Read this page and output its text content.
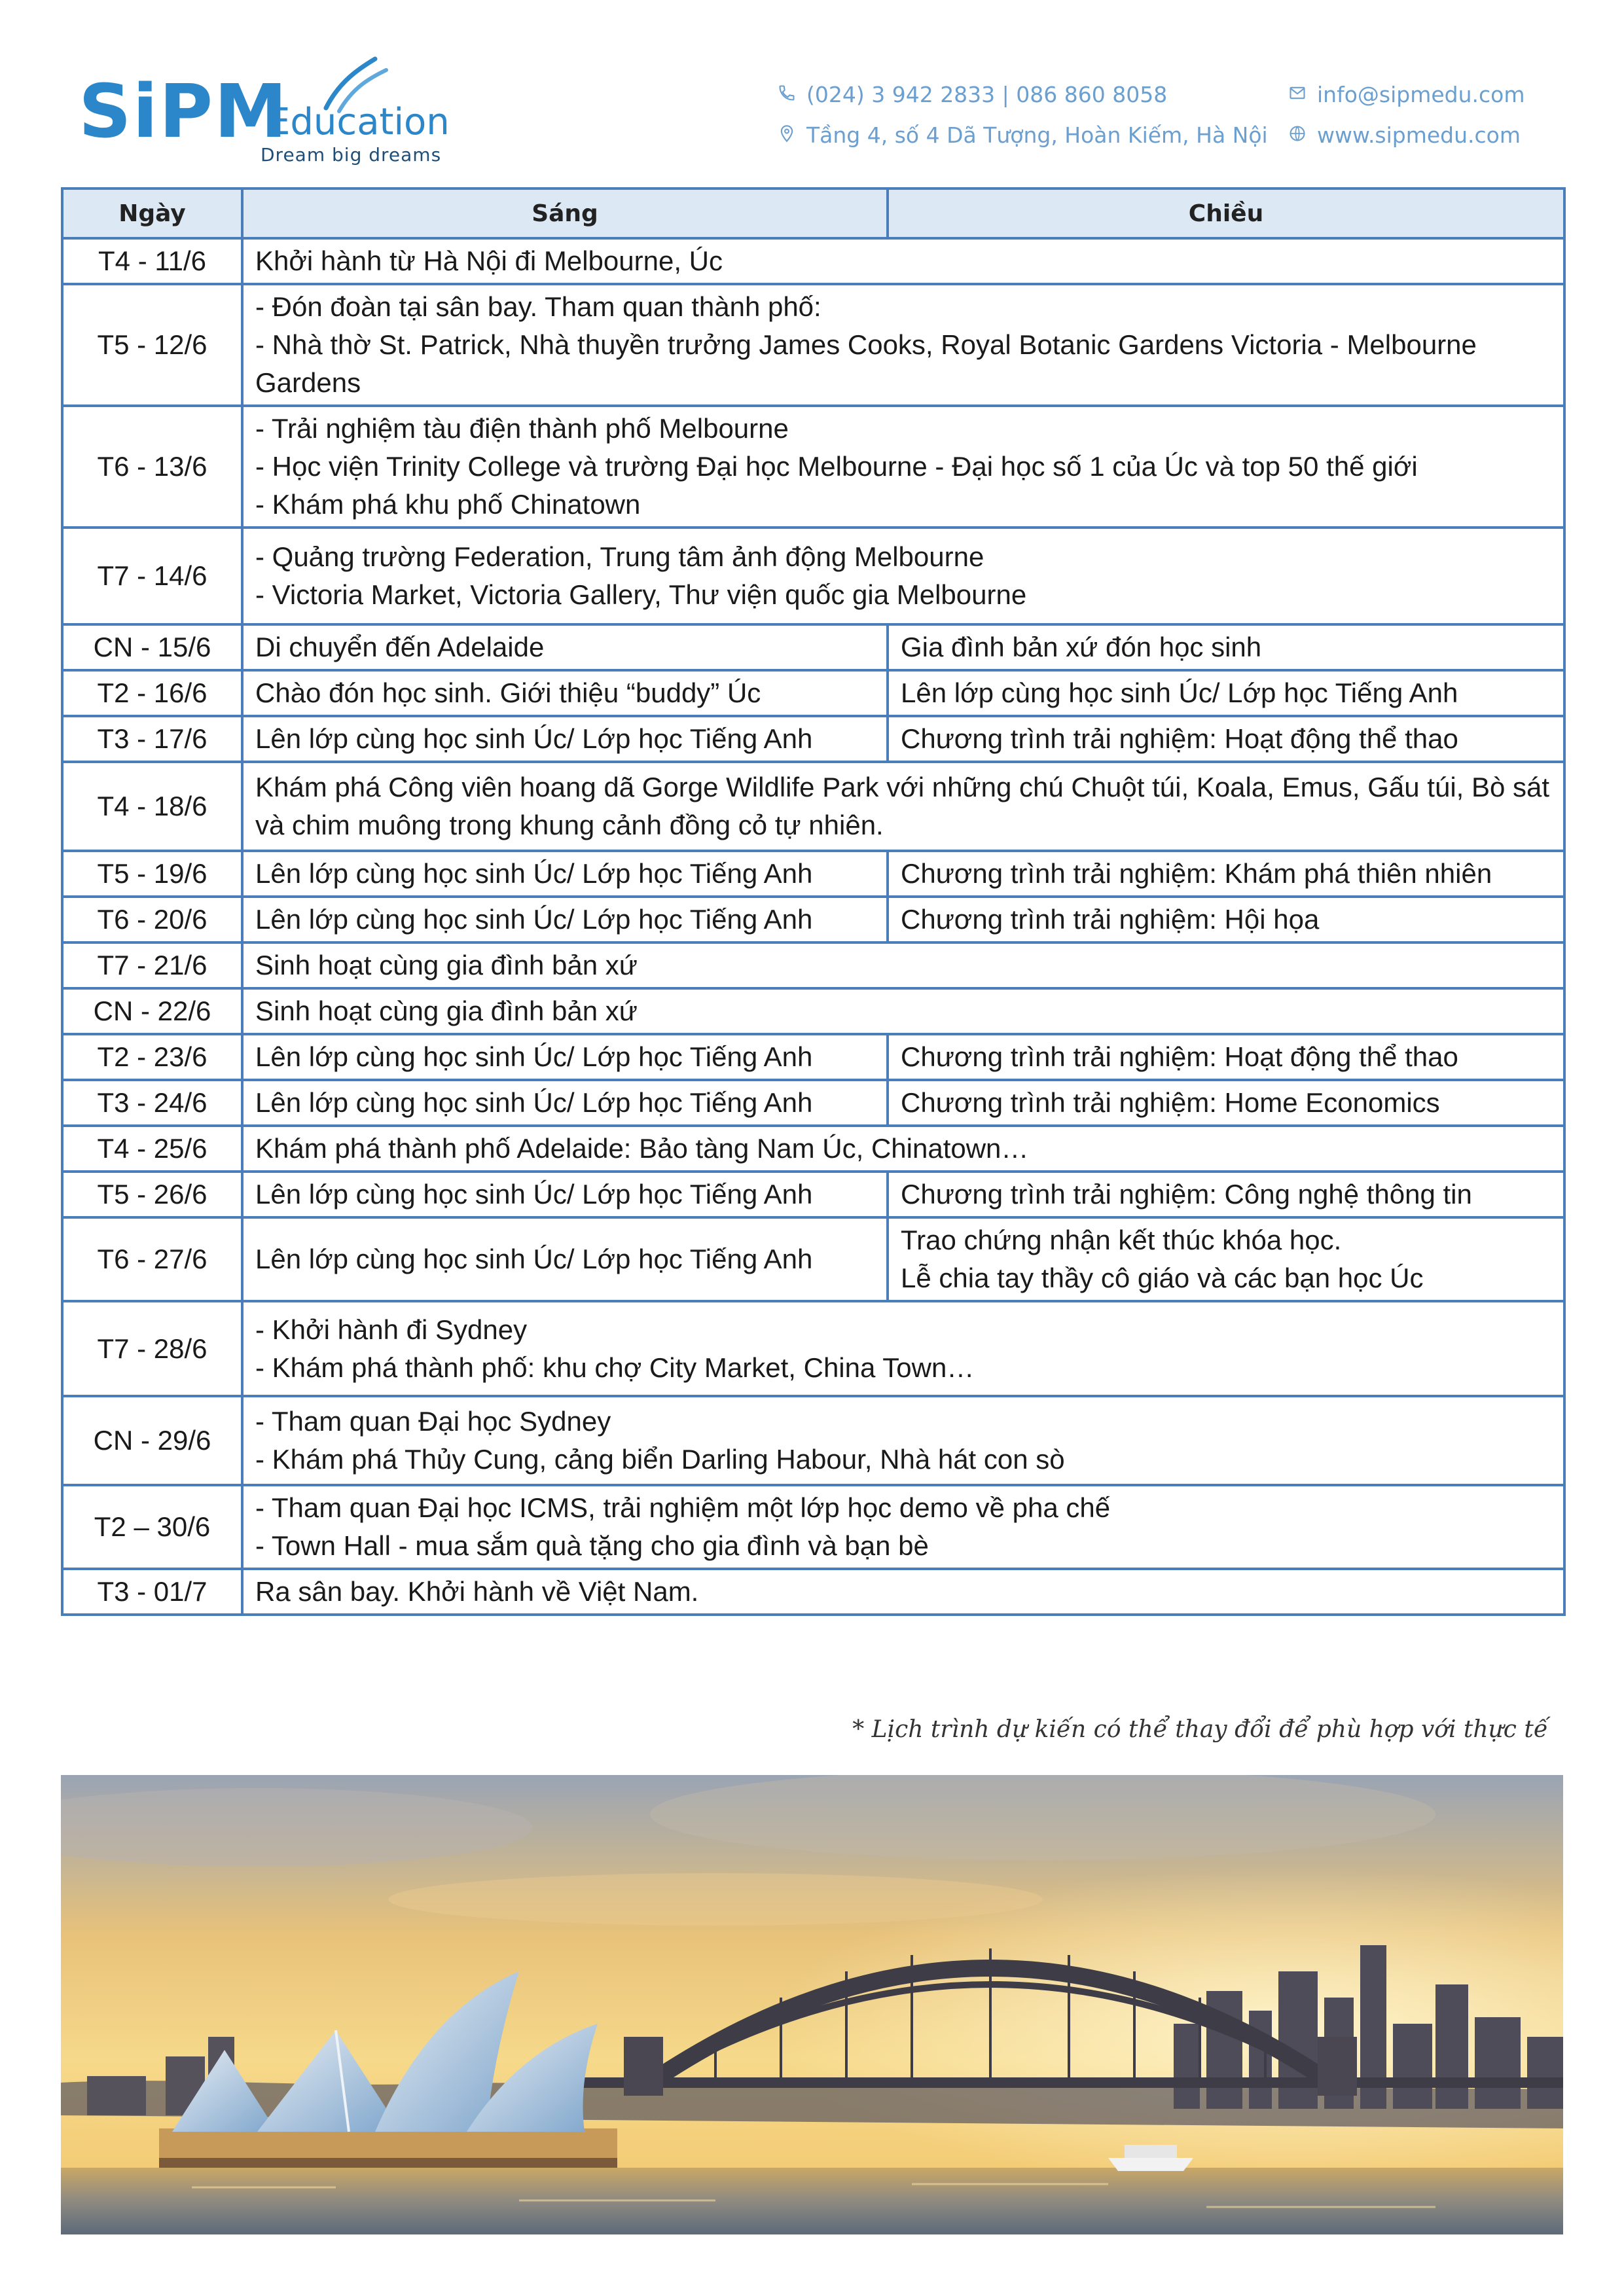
SiPM
Education
Dream big dreams
(024) 3 942 2833 | 086 860 8058
Tầng 4, số 4 Dã Tượng, Hoàn Kiếm, Hà Nội
info@sipmedu.com
www.sipmedu.com
Ngày	Sáng	Chiều
T4 - 11/6	Khởi hành từ Hà Nội đi Melbourne, Úc	

T5 - 12/6	- Đón đoàn tại sân bay. Tham quan thành phố:
- Nhà thờ St. Patrick, Nhà thuyền trưởng James Cooks, Royal Botanic Gardens Victoria - Melbourne Gardens	

T6 - 13/6	- Trải nghiệm tàu điện thành phố Melbourne
- Học viện Trinity College và trường Đại học Melbourne - Đại học số 1 của Úc và top 50 thế giới
- Khám phá khu phố Chinatown	

T7 - 14/6	- Quảng trường Federation, Trung tâm ảnh động Melbourne
- Victoria Market, Victoria Gallery, Thư viện quốc gia Melbourne	

CN - 15/6	Di chuyển đến Adelaide	Gia đình bản xứ đón học sinh

T2 - 16/6	Chào đón học sinh. Giới thiệu “buddy” Úc	Lên lớp cùng học sinh Úc/ Lớp học Tiếng Anh

T3 - 17/6	Lên lớp cùng học sinh Úc/ Lớp học Tiếng Anh	Chương trình trải nghiệm: Hoạt động thể thao

T4 - 18/6	Khám phá Công viên hoang dã Gorge Wildlife Park với những chú Chuột túi, Koala, Emus, Gấu túi, Bò sát và chim muông trong khung cảnh đồng cỏ tự nhiên.	

T5 - 19/6	Lên lớp cùng học sinh Úc/ Lớp học Tiếng Anh	Chương trình trải nghiệm: Khám phá thiên nhiên

T6 - 20/6	Lên lớp cùng học sinh Úc/ Lớp học Tiếng Anh	Chương trình trải nghiệm: Hội họa

T7 - 21/6	Sinh hoạt cùng gia đình bản xứ	

CN - 22/6	Sinh hoạt cùng gia đình bản xứ	

T2 - 23/6	Lên lớp cùng học sinh Úc/ Lớp học Tiếng Anh	Chương trình trải nghiệm: Hoạt động thể thao

T3 - 24/6	Lên lớp cùng học sinh Úc/ Lớp học Tiếng Anh	Chương trình trải nghiệm: Home Economics

T4 - 25/6	Khám phá thành phố Adelaide: Bảo tàng Nam Úc, Chinatown…	

T5 - 26/6	Lên lớp cùng học sinh Úc/ Lớp học Tiếng Anh	Chương trình trải nghiệm: Công nghệ thông tin

T6 - 27/6	Lên lớp cùng học sinh Úc/ Lớp học Tiếng Anh	Trao chứng nhận kết thúc khóa học.
Lễ chia tay thầy cô giáo và các bạn học Úc

T7 - 28/6	- Khởi hành đi Sydney
- Khám phá thành phố: khu chợ City Market, China Town…	

CN - 29/6	- Tham quan Đại học Sydney
- Khám phá Thủy Cung, cảng biển Darling Habour, Nhà hát con sò	

T2 – 30/6	- Tham quan Đại học ICMS, trải nghiệm một lớp học demo về pha chế
- Town Hall - mua sắm quà tặng cho gia đình và bạn bè	

T3 - 01/7	Ra sân bay. Khởi hành về Việt Nam.	
* Lịch trình dự kiến có thể thay đổi để phù hợp với thực tế
